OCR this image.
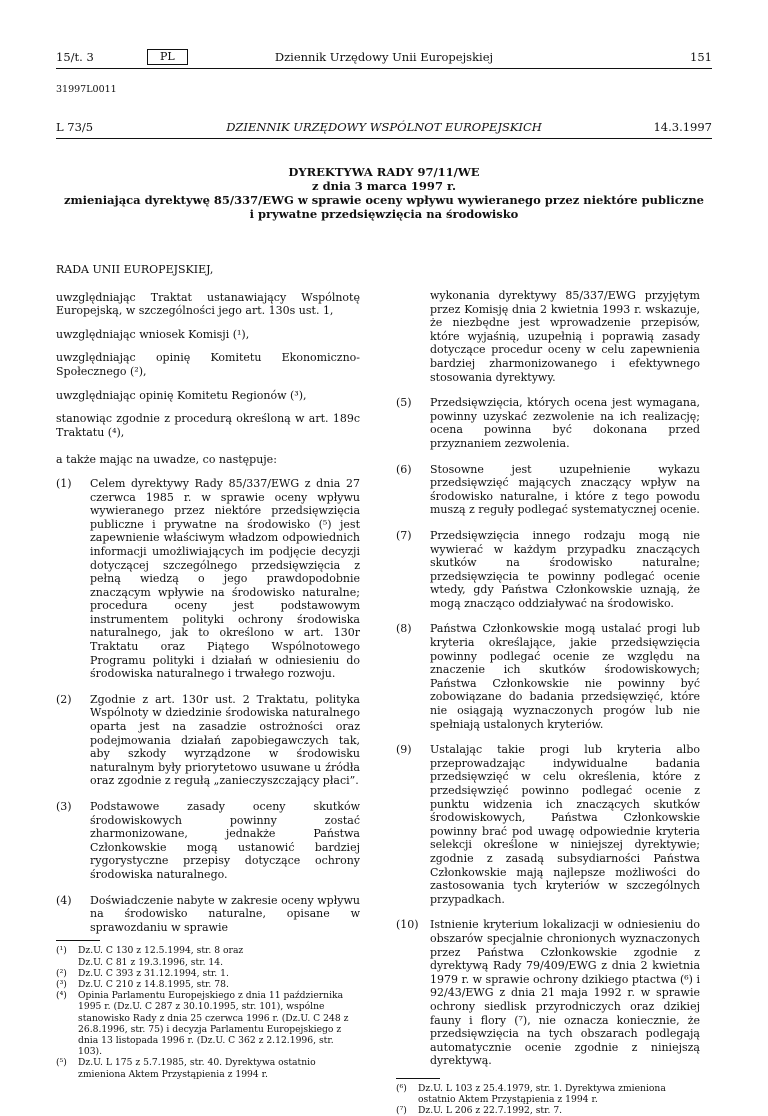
15/t. 3	PL	Dziennik Urzędowy Unii Europejskiej	151
31997L0011
L 73/5	DZIENNIK URZĘDOWY WSPÓLNOT EUROPEJSKICH	14.3.1997
DYREKTYWA RADY 97/11/WE
z dnia 3 marca 1997 r.
zmieniająca dyrektywę 85/337/EWG w sprawie oceny wpływu wywieranego przez niektóre publiczne
i prywatne przedsięwzięcia na środowisko

RADA UNII EUROPEJSKIEJ,

uwzględniając Traktat ustanawiający Wspólnotę Europejską, w szczególności jego art. 130s ust. 1,

uwzględniając wniosek Komisji (¹),

uwzględniając opinię Komitetu Ekonomiczno-Społecznego (²),

uwzględniając opinię Komitetu Regionów (³),

stanowiąc zgodnie z procedurą określoną w art. 189c Traktatu (⁴),

a także mając na uwadze, co następuje:

(1)	Celem dyrektywy Rady 85/337/EWG z dnia 27 czerwca 1985 r. w sprawie oceny wpływu wywieranego przez niektóre przedsięwzięcia publiczne i prywatne na środowisko (⁵) jest zapewnienie właściwym władzom odpowiednich informacji umożliwiających im podjęcie decyzji dotyczącej szczególnego przedsięwzięcia z pełną wiedzą o jego prawdopodobnie znaczącym wpływie na środowisko naturalne; procedura oceny jest podstawowym instrumentem polityki ochrony środowiska naturalnego, jak to określono w art. 130r Traktatu oraz Piątego Wspólnotowego Programu polityki i działań w odniesieniu do środowiska naturalnego i trwałego rozwoju.
(2)	Zgodnie z art. 130r ust. 2 Traktatu, polityka Wspólnoty w dziedzinie środowiska naturalnego oparta jest na zasadzie ostrożności oraz podejmowania działań zapobiegawczych tak, aby szkody wyrządzone w środowisku naturalnym były priorytetowo usuwane u źródła oraz zgodnie z regułą „zanieczyszczający płaci”.
(3)	Podstawowe zasady oceny skutków środowiskowych powinny zostać zharmonizowane, jednakże Państwa Członkowskie mogą ustanowić bardziej rygorystyczne przepisy dotyczące ochrony środowiska naturalnego.
(4)	Doświadczenie nabyte w zakresie oceny wpływu na środowisko naturalne, opisane w sprawozdaniu w sprawie
(¹)	Dz.U. C 130 z 12.5.1994, str. 8 oraz
Dz.U. C 81 z 19.3.1996, str. 14.
(²)	Dz.U. C 393 z 31.12.1994, str. 1.
(³)	Dz.U. C 210 z 14.8.1995, str. 78.
(⁴)	Opinia Parlamentu Europejskiego z dnia 11 października 1995 r. (Dz.U. C 287 z 30.10.1995, str. 101), wspólne stanowisko Rady z dnia 25 czerwca 1996 r. (Dz.U. C 248 z 26.8.1996, str. 75) i decyzja Parlamentu Europejskiego z dnia 13 listopada 1996 r. (Dz.U. C 362 z 2.12.1996, str. 103).
(⁵)	Dz.U. L 175 z 5.7.1985, str. 40. Dyrektywa ostatnio zmieniona Aktem Przystąpienia z 1994 r.
wykonania dyrektywy 85/337/EWG przyjętym przez Komisję dnia 2 kwietnia 1993 r. wskazuje, że niezbędne jest wprowadzenie przepisów, które wyjaśnią, uzupełnią i poprawią zasady dotyczące procedur oceny w celu zapewnienia bardziej zharmonizowanego i efektywnego stosowania dyrektywy.
(5)	Przedsięwzięcia, których ocena jest wymagana, powinny uzyskać zezwolenie na ich realizację; ocena powinna być dokonana przed przyznaniem zezwolenia.
(6)	Stosowne jest uzupełnienie wykazu przedsięwzięć mających znaczący wpływ na środowisko naturalne, i które z tego powodu muszą z reguły podlegać systematycznej ocenie.
(7)	Przedsięwzięcia innego rodzaju mogą nie wywierać w każdym przypadku znaczących skutków na środowisko naturalne; przedsięwzięcia te powinny podlegać ocenie wtedy, gdy Państwa Członkowskie uznają, że mogą znacząco oddziaływać na środowisko.
(8)	Państwa Członkowskie mogą ustalać progi lub kryteria określające, jakie przedsięwzięcia powinny podlegać ocenie ze względu na znaczenie ich skutków środowiskowych; Państwa Członkowskie nie powinny być zobowiązane do badania przedsięwzięć, które nie osiągają wyznaczonych progów lub nie spełniają ustalonych kryteriów.
(9)	Ustalając takie progi lub kryteria albo przeprowadzając indywidualne badania przedsięwzięć w celu określenia, które z przedsięwzięć powinno podlegać ocenie z punktu widzenia ich znaczących skutków środowiskowych, Państwa Członkowskie powinny brać pod uwagę odpowiednie kryteria selekcji określone w niniejszej dyrektywie; zgodnie z zasadą subsydiarności Państwa Członkowskie mają najlepsze możliwości do zastosowania tych kryteriów w szczególnych przypadkach.
(10)	Istnienie kryterium lokalizacji w odniesieniu do obszarów specjalnie chronionych wyznaczonych przez Państwa Członkowskie zgodnie z dyrektywą Rady 79/409/EWG z dnia 2 kwietnia 1979 r. w sprawie ochrony dzikiego ptactwa (⁶) i 92/43/EWG z dnia 21 maja 1992 r. w sprawie ochrony siedlisk przyrodniczych oraz dzikiej fauny i flory (⁷), nie oznacza koniecznie, że przedsięwzięcia na tych obszarach podlegają automatycznie ocenie zgodnie z niniejszą dyrektywą.
(⁶)	Dz.U. L 103 z 25.4.1979, str. 1. Dyrektywa zmieniona ostatnio Aktem Przystąpienia z 1994 r.
(⁷)	Dz.U. L 206 z 22.7.1992, str. 7.
